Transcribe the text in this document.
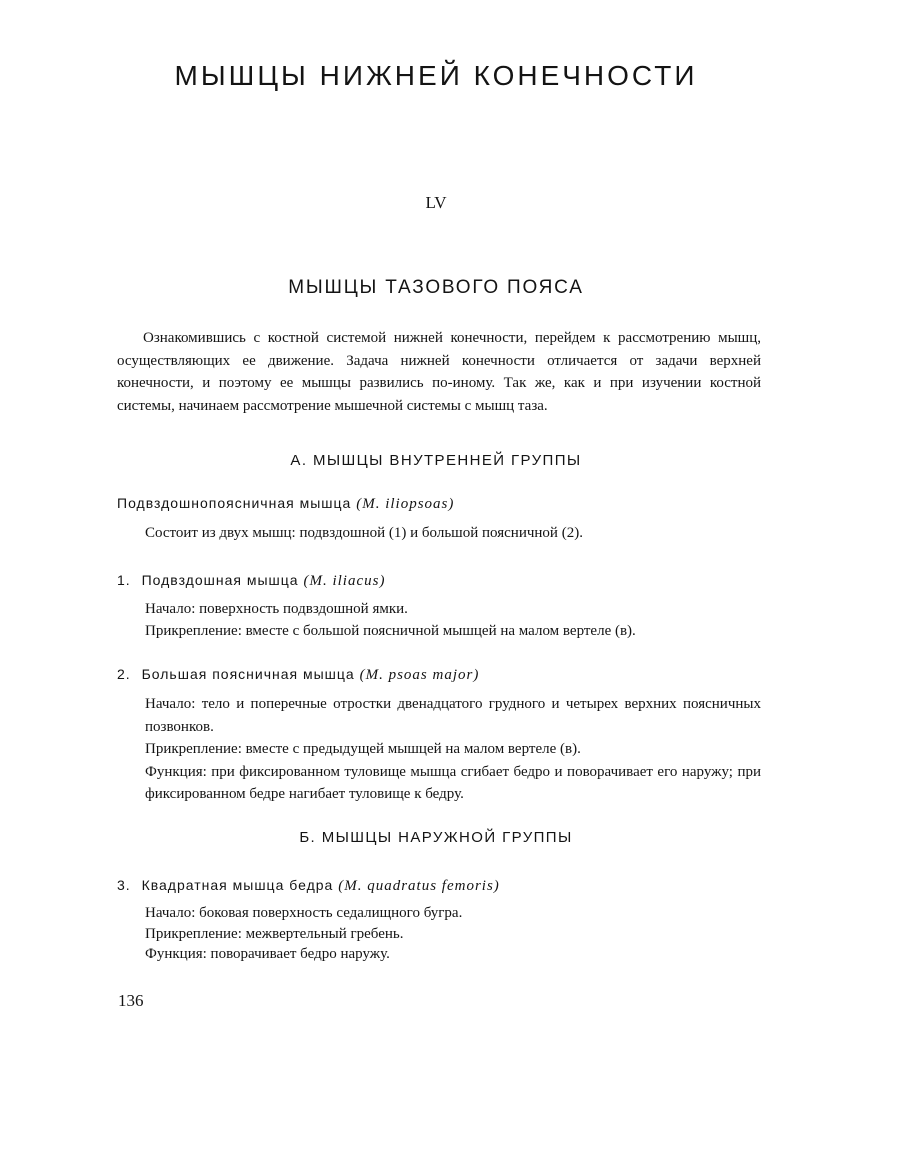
МЫШЦЫ НИЖНЕЙ КОНЕЧНОСТИ
LV
МЫШЦЫ ТАЗОВОГО ПОЯСА

Ознакомившись с костной системой нижней конечности, перейдем к рассмотрению мышц, осуществляющих ее движение. Задача нижней конечности отличается от задачи верхней конечности, и поэтому ее мышцы развились по-иному. Так же, как и при изучении костной системы, начинаем рассмотрение мышечной системы с мышц таза.

А. МЫШЦЫ ВНУТРЕННЕЙ ГРУППЫ
Подвздошнопоясничная мышца (M. iliopsoas)
Состоит из двух мышц: подвздошной (1) и большой поясничной (2).
1. Подвздошная мышца (M. iliacus)
Начало: поверхность подвздошной ямки.
Прикрепление: вместе с большой поясничной мышцей на малом вертеле (в).
2. Большая поясничная мышца (M. psoas major)

Начало: тело и поперечные отростки двенадцатого грудного и четырех верхних поясничных позвонков.

Прикрепление: вместе с предыдущей мышцей на малом вертеле (в).

Функция: при фиксированном туловище мышца сгибает бедро и поворачивает его наружу; при фиксированном бедре нагибает туловище к бедру.

Б. МЫШЦЫ НАРУЖНОЙ ГРУППЫ
3. Квадратная мышца бедра (M. quadratus femoris)
Начало: боковая поверхность седалищного бугра.
Прикрепление: межвертельный гребень.
Функция: поворачивает бедро наружу.
136
